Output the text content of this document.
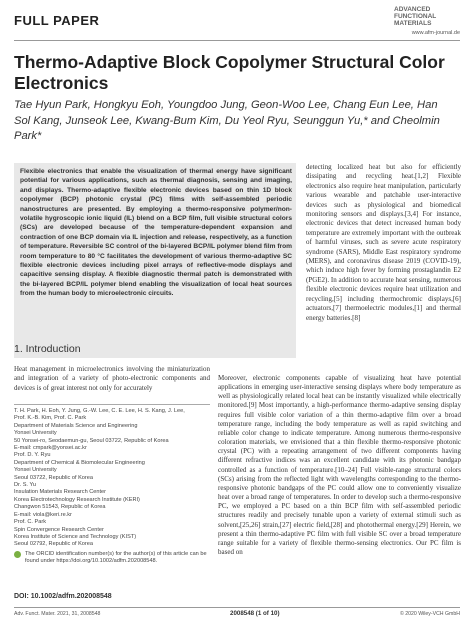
FULL PAPER
ADVANCED
FUNCTIONAL
MATERIALS
www.afm-journal.de
Thermo-Adaptive Block Copolymer Structural Color Electronics
Tae Hyun Park, Hongkyu Eoh, Youngdoo Jung, Geon-Woo Lee, Chang Eun Lee, Han Sol Kang, Junseok Lee, Kwang-Bum Kim, Du Yeol Ryu, Seunggun Yu,* and Cheolmin Park*

Flexible electronics that enable the visualization of thermal energy have significant potential for various applications, such as thermal diagnosis, sensing and imaging, and displays. Thermo-adaptive flexible electronic devices based on thin 1D block copolymer (BCP) photonic crystal (PC) films with self-assembled periodic nanostructures are presented. By employing a thermo-responsive polymer/non-volatile hygroscopic ionic liquid (IL) blend on a BCP film, full visible structural colors (SCs) are developed because of the temperature-dependent expansion and contraction of one BCP domain via IL injection and release, respectively, as a function of temperature. Reversible SC control of the bi-layered BCP/IL polymer blend film from room temperature to 80 °C facilitates the development of various thermo-adaptive SC flexible electronic devices including pixel arrays of reflective-mode displays and capacitive sensing display. A flexible diagnostic thermal patch is demonstrated with the bi-layered BCP/IL polymer blend enabling the visualization of local heat sources from the human body to microelectronic circuits.

detecting localized heat but also for efficiently dissipating and recycling heat.[1,2] Flexible electronics also require heat manipulation, particularly various wearable and patchable user-interactive devices such as physiological and biomedical monitoring sensors and displays.[3,4] For instance, electronic devices that detect increased human body temperature are extremely important with the outbreak of harmful viruses, such as severe acute respiratory syndrome (SARS), Middle East respiratory syndrome (MERS), and coronavirus disease 2019 (COVID-19), which induce high fever by forming prostaglandin E2 (PGE2). In addition to accurate heat sensing, numerous flexible electronic devices require heat utilization and recycling,[5] including thermochromic displays,[6] actuators,[7] thermoelectric modules,[1] and thermal energy batteries.[8]

1. Introduction

Heat management in microelectronics involving the miniaturization and integration of a variety of photo-electronic components and devices is of great interest not only for accurately

T. H. Park, H. Eoh, Y. Jung, G.-W. Lee, C. E. Lee, H. S. Kang, J. Lee,
Prof. K.-B. Kim, Prof. C. Park
Department of Materials Science and Engineering
Yonsei University
50 Yonsei-ro, Seodaemun-gu, Seoul 03722, Republic of Korea
E-mail: cmpark@yonsei.ac.kr
Prof. D. Y. Ryu
Department of Chemical & Biomolecular Engineering
Yonsei University
Seoul 03722, Republic of Korea
Dr. S. Yu
Insulation Materials Research Center
Korea Electrotechnology Research Institute (KERI)
Changwon 51543, Republic of Korea
E-mail: viola@keri.re.kr
Prof. C. Park
Spin Convergence Research Center
Korea Institute of Science and Technology (KIST)
Seoul 02792, Republic of Korea
The ORCID identification number(s) for the author(s) of this article can be found under https://doi.org/10.1002/adfm.202008548.
DOI: 10.1002/adfm.202008548

Moreover, electronic components capable of visualizing heat have potential applications in emerging user-interactive sensing displays where body temperature as well as physiologically related local heat can be instantly visualized while electrically monitored.[9] Most importantly, a high-performance thermo-adaptive sensing display requires full visible color variation of a thin thermo-adaptive film over a broad temperature range, including the body temperature as well as rapid switching and reliable color change to indicate temperature. Among numerous thermo-responsive coloration materials, we envisioned that a thin flexible thermo-responsive photonic crystal (PC) with a repeating arrangement of two different components having different refractive indices was an excellent candidate with its photonic bandgap controlled as a function of temperature.[10–24] Full visible-range structural colors (SCs) arising from the reflected light with wavelengths corresponding to the thermo-responsive photonic bandgaps of the PC could allow one to conveniently visualize heat over a broad range of temperatures. In order to develop such a thermo-responsive PC, we employed a PC based on a thin BCP film with self-assembled periodic structures readily and precisely tunable upon a variety of external stimuli such as solvent,[25,26] strain,[27] electric field,[28] and photothermal energy.[29] Herein, we present a thin thermo-adaptive PC film with full visible SC over a broad temperature range suitable for a variety of flexible thermo-sensing electronics. Our PC film is based on

Adv. Funct. Mater. 2021, 31, 2008548	2008548 (1 of 10)	© 2020 Wiley-VCH GmbH
